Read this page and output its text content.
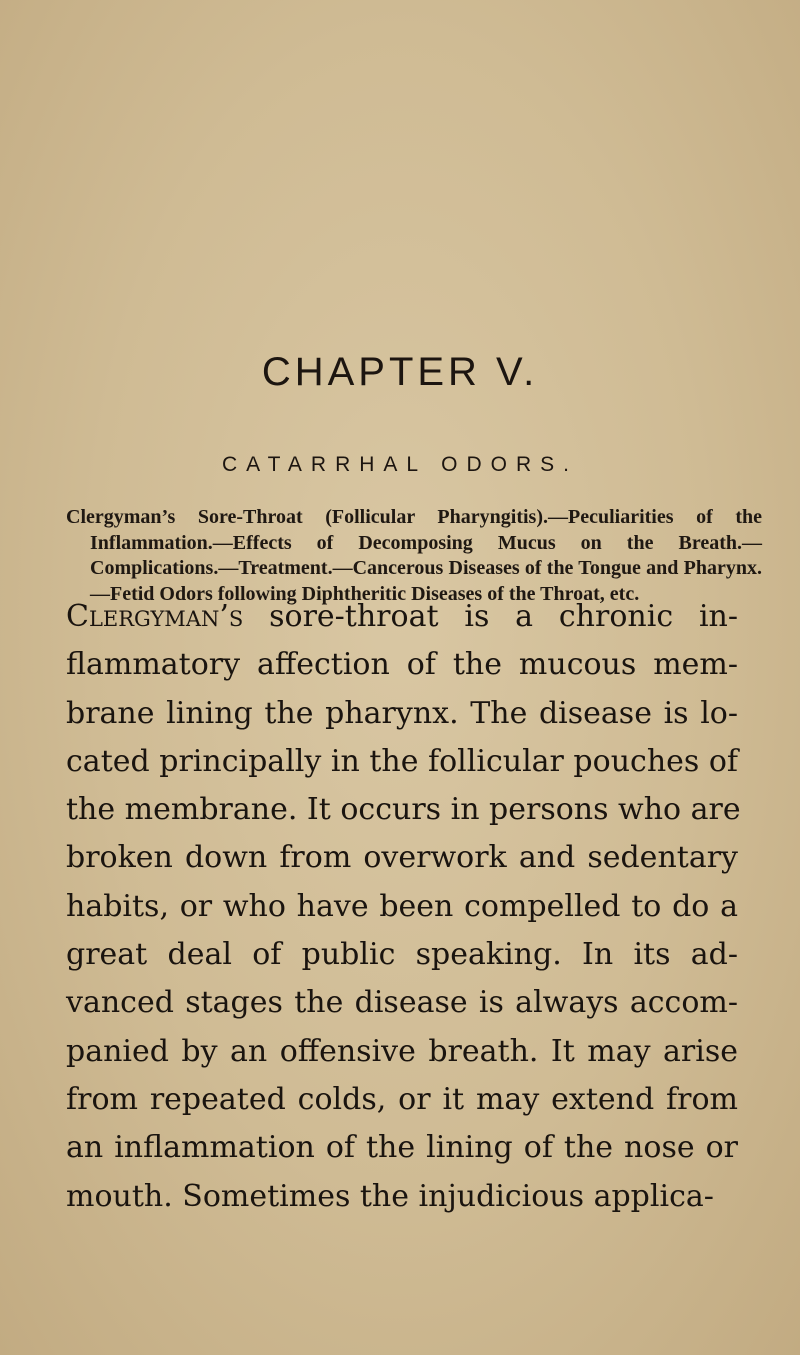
CHAPTER V.
CATARRHAL ODORS.
Clergyman’s Sore-Throat (Follicular Pharyngitis).—Peculiarities of the Inflammation.—Effects of Decomposing Mucus on the Breath.—Complications.—Treatment.—Cancerous Diseases of the Tongue and Pharynx.—Fetid Odors following Diphtheritic Diseases of the Throat, etc.
Clergyman’s sore-throat is a chronic in-
flammatory affection of the mucous mem-
brane lining the pharynx. The disease is lo-
cated principally in the follicular pouches of
the membrane. It occurs in persons who are
broken down from overwork and sedentary
habits, or who have been compelled to do a
great deal of public speaking. In its ad-
vanced stages the disease is always accom-
panied by an offensive breath. It may arise
from repeated colds, or it may extend from
an inflammation of the lining of the nose or
mouth. Sometimes the injudicious applica-
